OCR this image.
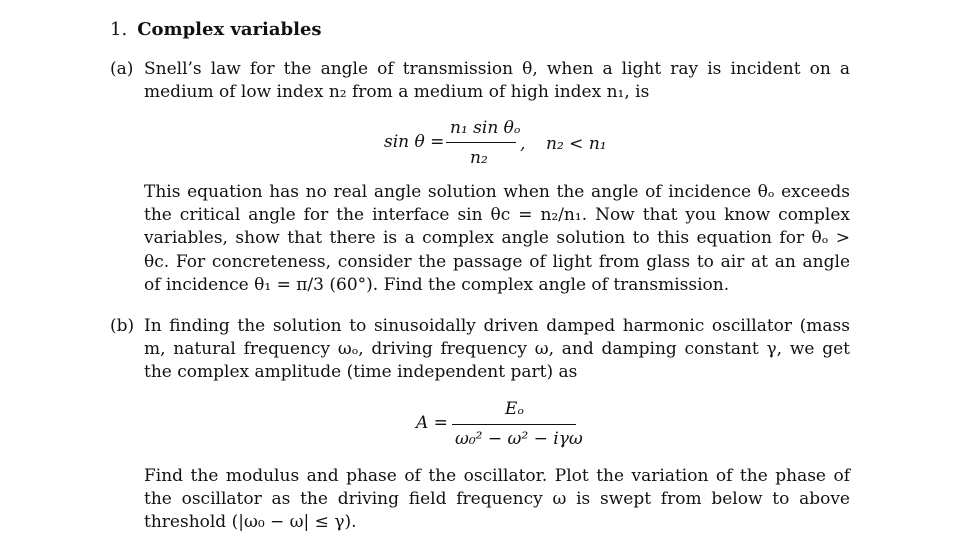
1. Complex variables
(a) Snell’s law for the angle of transmission θ, when a light ray is incident on a medium of low index n₂ from a medium of high index n₁, is
sin θ =
n₁ sin θₒ
n₂
, n₂ < n₁
This equation has no real angle solution when the angle of incidence θₒ exceeds the critical angle for the interface sin θc = n₂/n₁. Now that you know complex variables, show that there is a complex angle solution to this equation for θₒ > θc. For concreteness, consider the passage of light from glass to air at an angle of incidence θ₁ = π/3 (60°). Find the complex angle of transmission.
(b) In finding the solution to sinusoidally driven damped harmonic oscillator (mass m, natural frequency ωₒ, driving frequency ω, and damping constant γ, we get the complex amplitude (time independent part) as
A =
Eₒ
ω₀² − ω² − iγω
Find the modulus and phase of the oscillator. Plot the variation of the phase of the oscillator as the driving field frequency ω is swept from below to above threshold (|ω₀ − ω| ≤ γ).
